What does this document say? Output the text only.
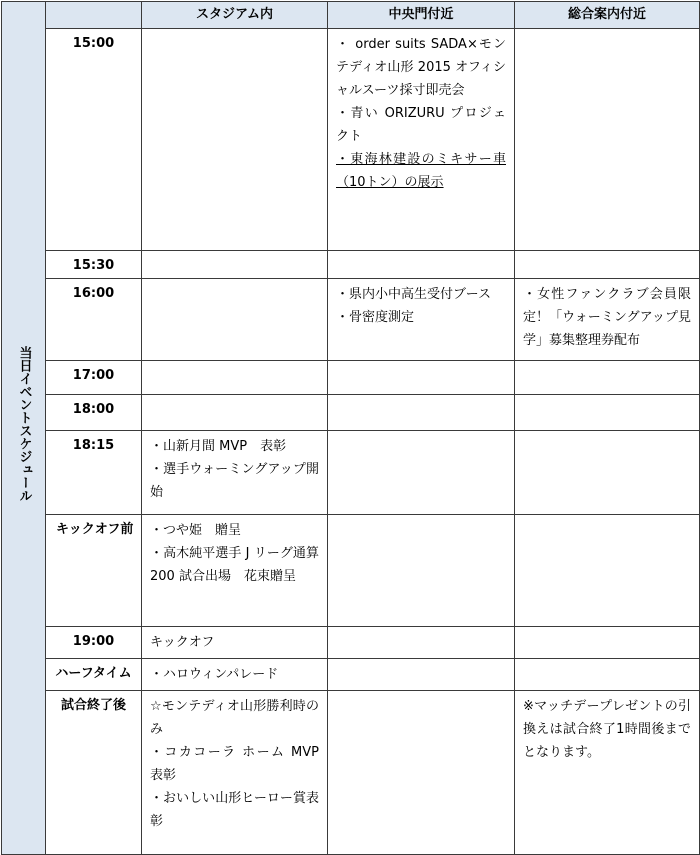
当日イベントスケジュール		スタジアム内	中央門付近	総合案内付近
	15:00		・ order suits SADA×モンテディオ山形 2015 オフィシャルスーツ採寸即売会
・青い ORIZURU プロジェクト
・東海林建設のミキサー車（10トン）の展示	

	15:30			
	16:00		・県内小中高生受付ブース
・骨密度測定	・女性ファンクラブ会員限定！「ウォーミングアップ見学」募集整理券配布

	17:00			
	18:00			
	18:15	・山新月間 MVP　表彰
・選手ウォーミングアップ開始		

	キックオフ前	・つや姫　贈呈
・高木純平選手 J リーグ通算 200 試合出場　花束贈呈		

	19:00	キックオフ		

	ハーフタイム	・ハロウィンパレード		

	試合終了後	☆モンテディオ山形勝利時のみ
・コカコーラ ホーム MVP 表彰
・おいしい山形ヒーロー賞表彰		※マッチデープレゼントの引換えは試合終了1時間後までとなります。
